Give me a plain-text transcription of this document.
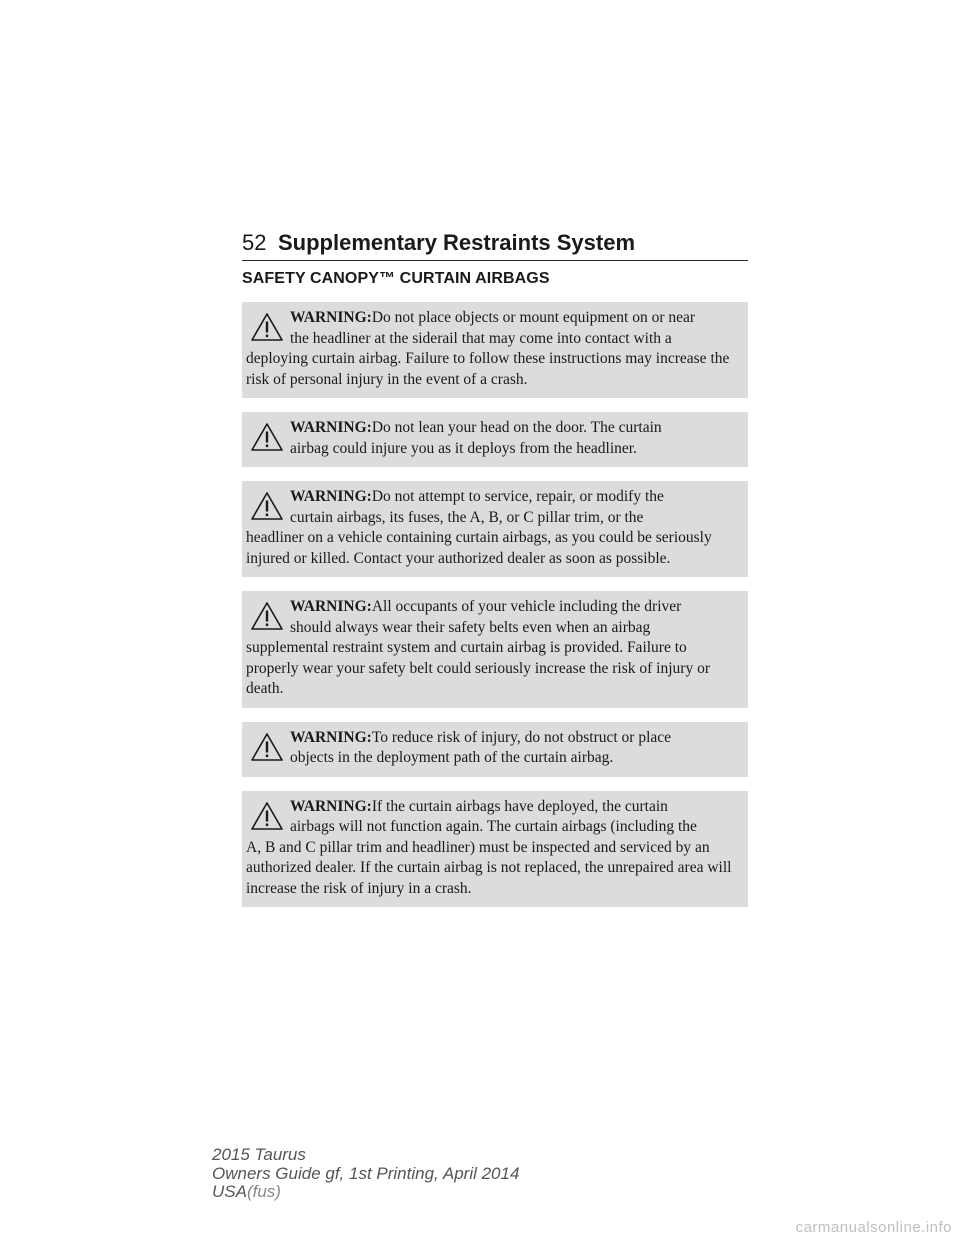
52 Supplementary Restraints System
SAFETY CANOPY™ CURTAIN AIRBAGS
WARNING:Do not place objects or mount equipment on or near
the headliner at the siderail that may come into contact with a
deploying curtain airbag. Failure to follow these instructions may increase the risk of personal injury in the event of a crash.
WARNING:Do not lean your head on the door. The curtain
airbag could injure you as it deploys from the headliner.
WARNING:Do not attempt to service, repair, or modify the
curtain airbags, its fuses, the A, B, or C pillar trim, or the
headliner on a vehicle containing curtain airbags, as you could be seriously injured or killed. Contact your authorized dealer as soon as possible.
WARNING:All occupants of your vehicle including the driver
should always wear their safety belts even when an airbag
supplemental restraint system and curtain airbag is provided. Failure to properly wear your safety belt could seriously increase the risk of injury or death.
WARNING:To reduce risk of injury, do not obstruct or place
objects in the deployment path of the curtain airbag.
WARNING:If the curtain airbags have deployed, the curtain
airbags will not function again. The curtain airbags (including the
A, B and C pillar trim and headliner) must be inspected and serviced by an authorized dealer. If the curtain airbag is not replaced, the unrepaired area will increase the risk of injury in a crash.
2015 Taurus
Owners Guide gf, 1st Printing, April 2014
USA(fus)
carmanualsonline.info
